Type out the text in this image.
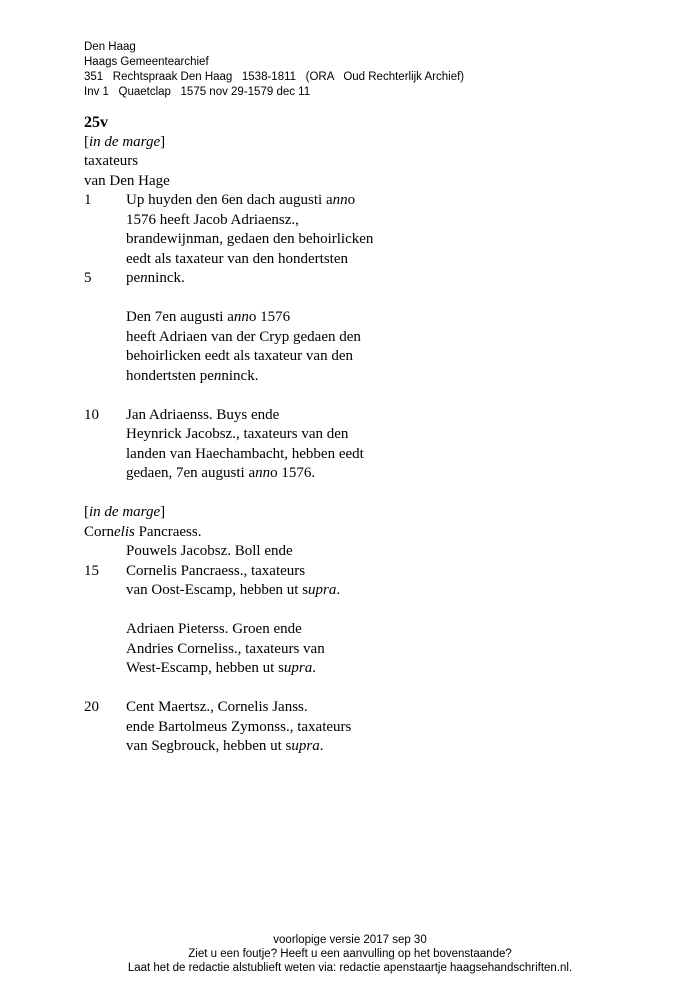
Den Haag
Haags Gemeentearchief
351   Rechtspraak Den Haag   1538-1811   (ORA   Oud Rechterlijk Archief)
Inv 1   Quaetclap   1575 nov 29-1579 dec 11
25v
[in de marge]
taxateurs
van Den Hage
1 Up huyden den 6en dach augusti anno
1576 heeft Jacob Adriaensz.,
brandewijnman, gedaen den behoirlicken
eedt als taxateur van den hondertsten
5 penninck.
Den 7en augusti anno 1576
heeft Adriaen van der Cryp gedaen den
behoirlicken eedt als taxateur van den
hondertsten penninck.
10 Jan Adriaenss. Buys ende
Heynrick Jacobsz., taxateurs van den
landen van Haechambacht, hebben eedt
gedaen, 7en augusti anno 1576.
[in de marge]
Cornelis Pancraess.
Pouwels Jacobsz. Boll ende
15 Cornelis Pancraess., taxateurs
van Oost-Escamp, hebben ut supra.
Adriaen Pieterss. Groen ende
Andries Corneliss., taxateurs van
West-Escamp, hebben ut supra.
20 Cent Maertsz., Cornelis Janss.
ende Bartolmeus Zymonss., taxateurs
van Segbrouck, hebben ut supra.
voorlopige versie 2017 sep 30
Ziet u een foutje? Heeft u een aanvulling op het bovenstaande?
Laat het de redactie alstublieft weten via: redactie apenstaartje haagsehandschriften.nl.
